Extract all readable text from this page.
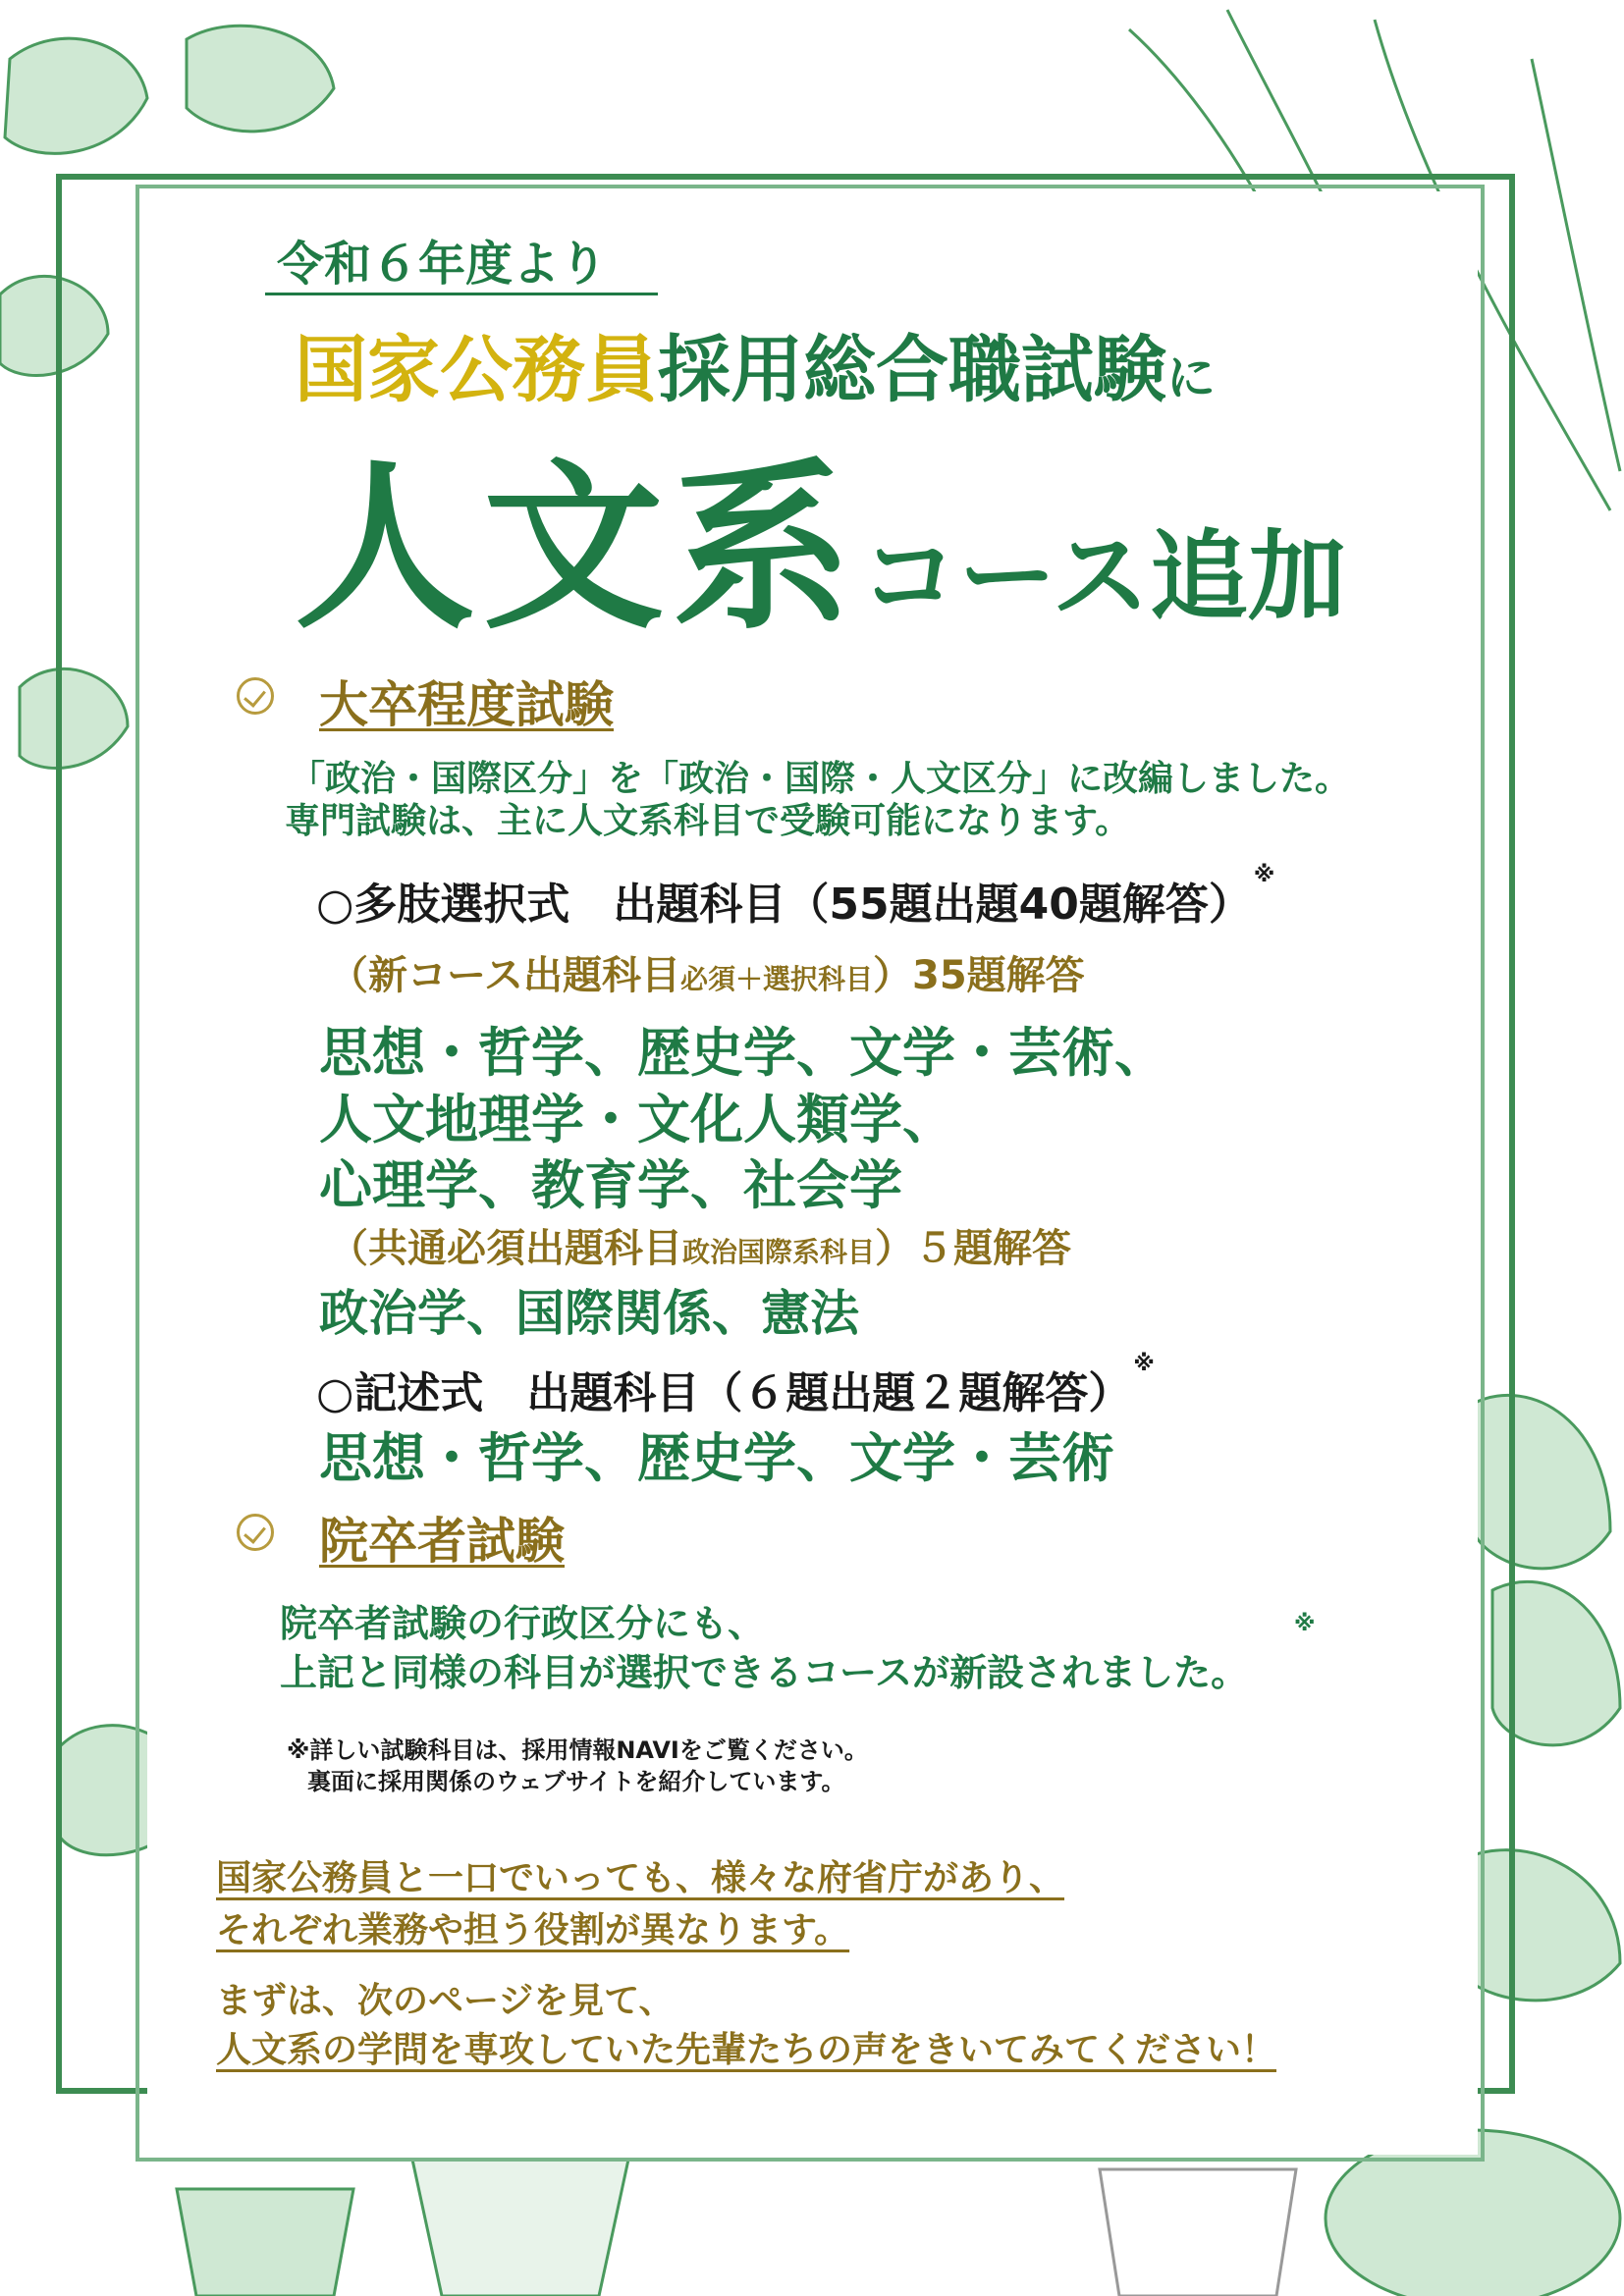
令和６年度より
国家公務員採用総合職試験に
人文系コース追加
大卒程度試験
「政治・国際区分」を「政治・国際・人文区分」に改編しました。
専門試験は、主に人文系科目で受験可能になります。
○多肢選択式　出題科目（55題出題40題解答）※
（新コース出題科目必須＋選択科目）35題解答
思想・哲学、歴史学、文学・芸術、
人文地理学・文化人類学、
心理学、教育学、社会学
（共通必須出題科目政治国際系科目）５題解答
政治学、国際関係、憲法
○記述式　出題科目（６題出題２題解答）※
思想・哲学、歴史学、文学・芸術
院卒者試験
院卒者試験の行政区分にも、
上記と同様の科目が選択できるコースが新設されました。
※
※詳しい試験科目は、採用情報NAVIをご覧ください。
裏面に採用関係のウェブサイトを紹介しています。
国家公務員と一口でいっても、様々な府省庁があり、
それぞれ業務や担う役割が異なります。
まずは、次のページを見て、
人文系の学問を専攻していた先輩たちの声をきいてみてください！
